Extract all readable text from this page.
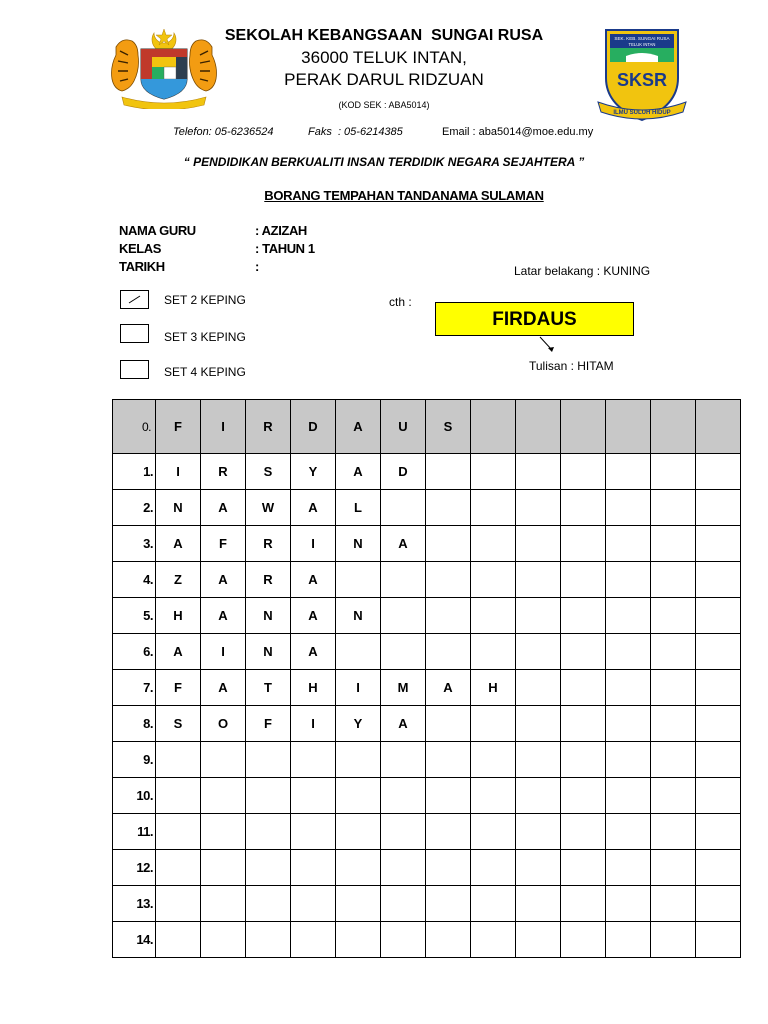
SEK. KEB. SUNGAI RUSA
TELUK INTAN
SKSR
ILMU SULUH HIDUP
SEKOLAH KEBANGSAAN  SUNGAI RUSA
36000 TELUK INTAN,
PERAK DARUL RIDZUAN
(KOD SEK : ABA5014)
Telefon: 05-6236524	Faks  : 05-6214385	Email : aba5014@moe.edu.my
“ PENDIDIKAN BERKUALITI INSAN TERDIDIK NEGARA SEJAHTERA ”
BORANG TEMPAHAN TANDANAMA SULAMAN
NAMA GURU	: AZIZAH
KELAS	: TAHUN 1
TARIKH	:	Latar belakang : KUNING
SET 2 KEPING
SET 3 KEPING
SET 4 KEPING
cth :
FIRDAUS
Tulisan : HITAM
0.	F	I	R	D	A	U	S						
1.	I	R	S	Y	A	D							
2.	N	A	W	A	L								
3.	A	F	R	I	N	A							
4.	Z	A	R	A									
5.	H	A	N	A	N								
6.	A	I	N	A									
7.	F	A	T	H	I	M	A	H					
8.	S	O	F	I	Y	A							
9.													
10.													
11.													
12.													
13.													
14.													
